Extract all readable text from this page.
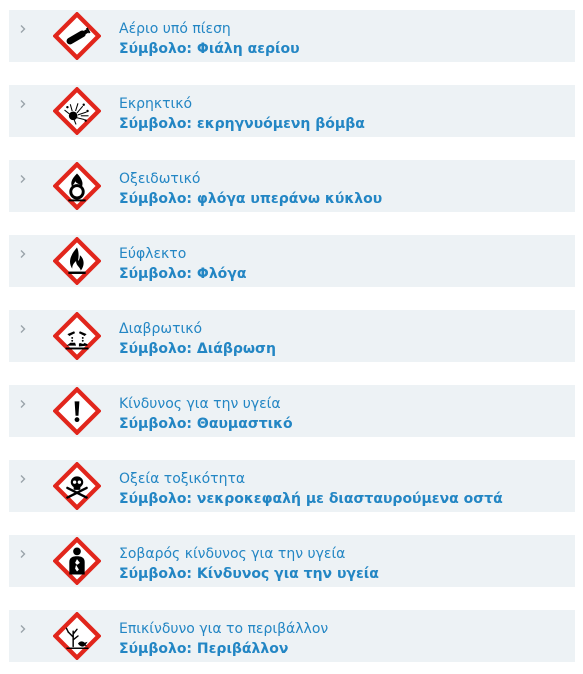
Αέριο υπό πίεση
Σύμβολο: Φιάλη αερίου
Εκρηκτικό
Σύμβολο: εκρηγνυόμενη βόμβα
Οξειδωτικό
Σύμβολο: φλόγα υπεράνω κύκλου
Εύφλεκτο
Σύμβολο: Φλόγα
Διαβρωτικό
Σύμβολο: Διάβρωση
Κίνδυνος για την υγεία
Σύμβολο: Θαυμαστικό
Οξεία τοξικότητα
Σύμβολο: νεκροκεφαλή με διασταυρούμενα οστά
Σοβαρός κίνδυνος για την υγεία
Σύμβολο: Κίνδυνος για την υγεία
Επικίνδυνο για το περιβάλλον
Σύμβολο: Περιβάλλον
